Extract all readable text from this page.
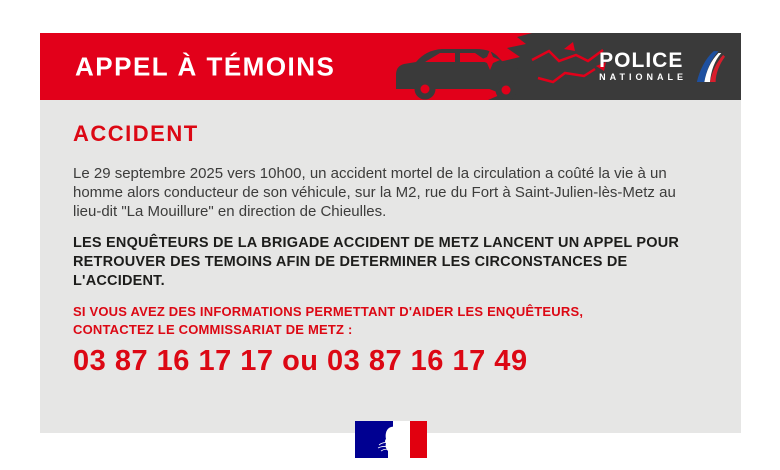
APPEL À TÉMOINS	POLICE
NATIONALE
ACCIDENT

Le 29 septembre 2025 vers 10h00, un accident mortel de la circulation a coûté la vie à un homme alors conducteur de son véhicule, sur la M2, rue du Fort à Saint-Julien-lès-Metz au lieu-dit "La Mouillure" en direction de Chieulles.

LES ENQUÊTEURS DE LA BRIGADE ACCIDENT DE METZ LANCENT UN APPEL POUR RETROUVER DES TEMOINS AFIN DE DETERMINER LES CIRCONSTANCES DE L'ACCIDENT.

SI VOUS AVEZ DES INFORMATIONS PERMETTANT D'AIDER LES ENQUÊTEURS,
CONTACTEZ LE COMMISSARIAT DE METZ :

03 87 16 17 17 ou 03 87 16 17 49
